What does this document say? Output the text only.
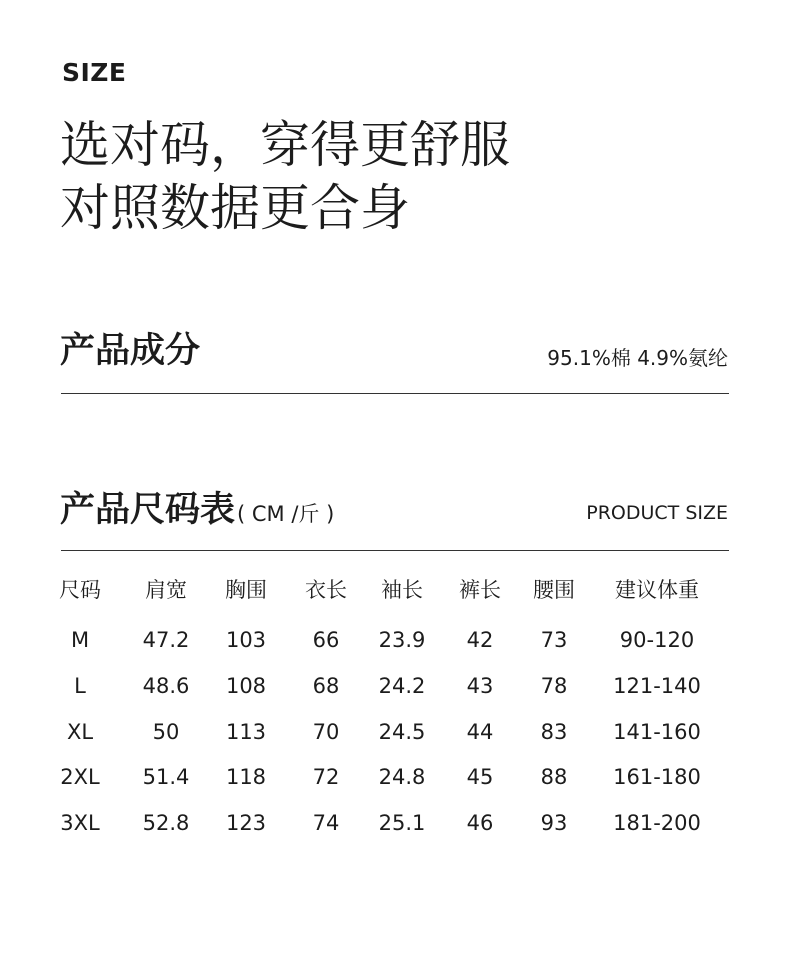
SIZE
选对码，穿得更舒服
对照数据更合身
产品成分	95.1%棉 4.9%氨纶
产品尺码表( CM /斤 )	PRODUCT SIZE
尺码 肩宽 胸围 衣长 袖长 裤长 腰围 建议体重
M	47.2 103 66 23.9 42 73 90-120
L	48.6 108 68 24.2 43 78 121-140
XL	50 113 70 24.5 44 83 141-160
2XL 51.4 118 72 24.8 45 88 161-180
3XL 52.8 123 74 25.1 46 93 181-200
